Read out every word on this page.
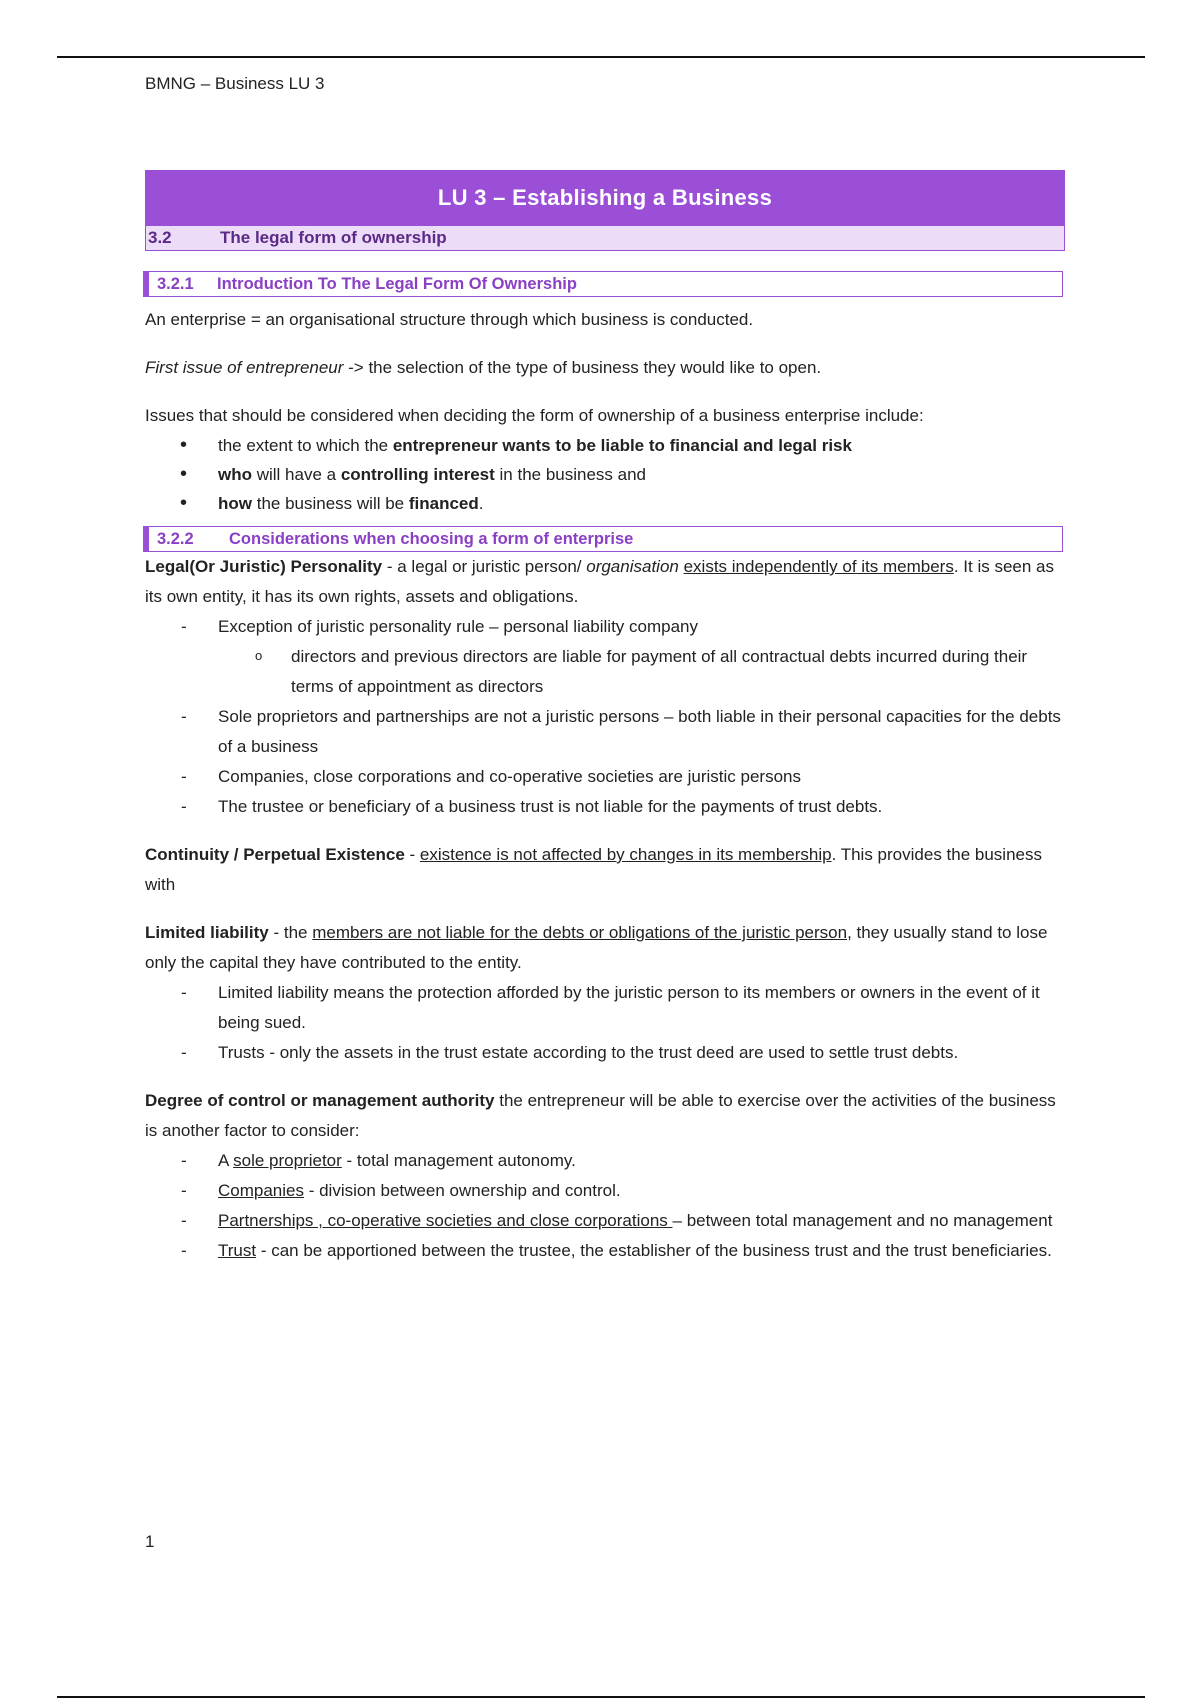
BMNG – Business LU 3
LU 3 – Establishing a Business
3.2	The legal form of ownership
3.2.1	Introduction To The Legal Form Of Ownership

An enterprise = an organisational structure through which business is conducted.

First issue of entrepreneur -> the selection of the type of business they would like to open.

Issues that should be considered when deciding the form of ownership of a business enterprise include:

• the extent to which the entrepreneur wants to be liable to financial and legal risk
• who will have a controlling interest in the business and
• how the business will be financed.
3.2.2	Considerations when choosing a form of enterprise

Legal(Or Juristic) Personality - a legal or juristic person/ organisation exists independently of its members. It is seen as its own entity, it has its own rights, assets and obligations.

- Exception of juristic personality rule – personal liability company
o directors and previous directors are liable for payment of all contractual debts incurred during their terms of appointment as directors
- Sole proprietors and partnerships are not a juristic persons – both liable in their personal capacities for the debts of a business
- Companies, close corporations and co-operative societies are juristic persons
- The trustee or beneficiary of a business trust is not liable for the payments of trust debts.

Continuity / Perpetual Existence - existence is not affected by changes in its membership. This provides the business with

Limited liability - the members are not liable for the debts or obligations of the juristic person, they usually stand to lose only the capital they have contributed to the entity.

- Limited liability means the protection afforded by the juristic person to its members or owners in the event of it being sued.
- Trusts - only the assets in the trust estate according to the trust deed are used to settle trust debts.

Degree of control or management authority the entrepreneur will be able to exercise over the activities of the business is another factor to consider:

- A sole proprietor - total management autonomy.
- Companies - division between ownership and control.
- Partnerships , co-operative societies and close corporations – between total management and no management
- Trust - can be apportioned between the trustee, the establisher of the business trust and the trust beneficiaries.
1
